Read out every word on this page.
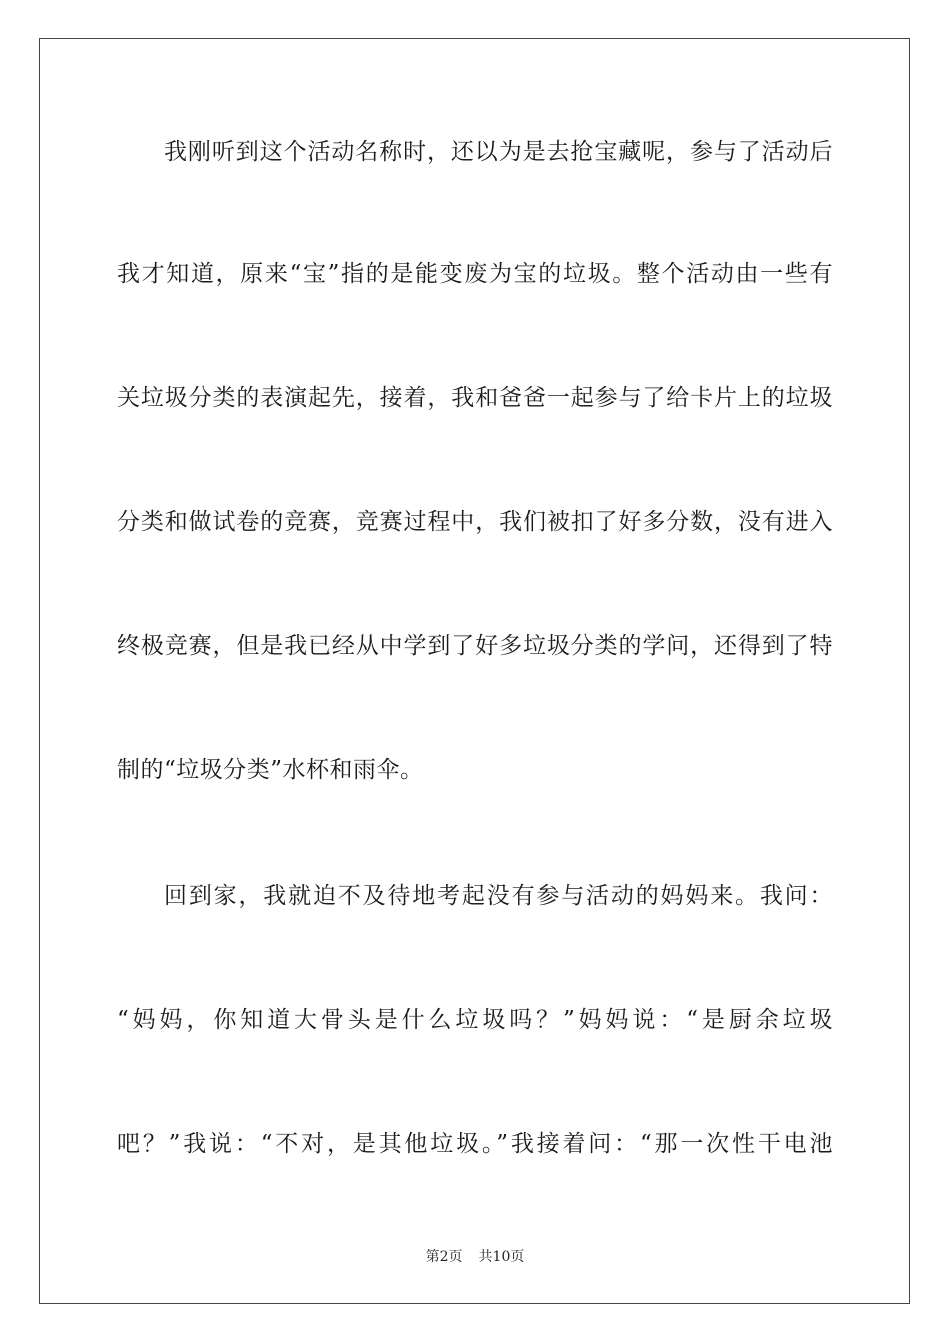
我刚听到这个活动名称时，还以为是去抢宝藏呢，参与了活动后
我才知道，原来“宝”指的是能变废为宝的垃圾。整个活动由一些有
关垃圾分类的表演起先，接着，我和爸爸一起参与了给卡片上的垃圾
分类和做试卷的竞赛，竞赛过程中，我们被扣了好多分数，没有进入
终极竞赛，但是我已经从中学到了好多垃圾分类的学问，还得到了特
制的“垃圾分类”水杯和雨伞。
回到家，我就迫不及待地考起没有参与活动的妈妈来。我问：
“妈妈，你知道大骨头是什么垃圾吗？”妈妈说：“是厨余垃圾
吧？”我说：“不对，是其他垃圾。”我接着问：“那一次性干电池
第2页 共10页
